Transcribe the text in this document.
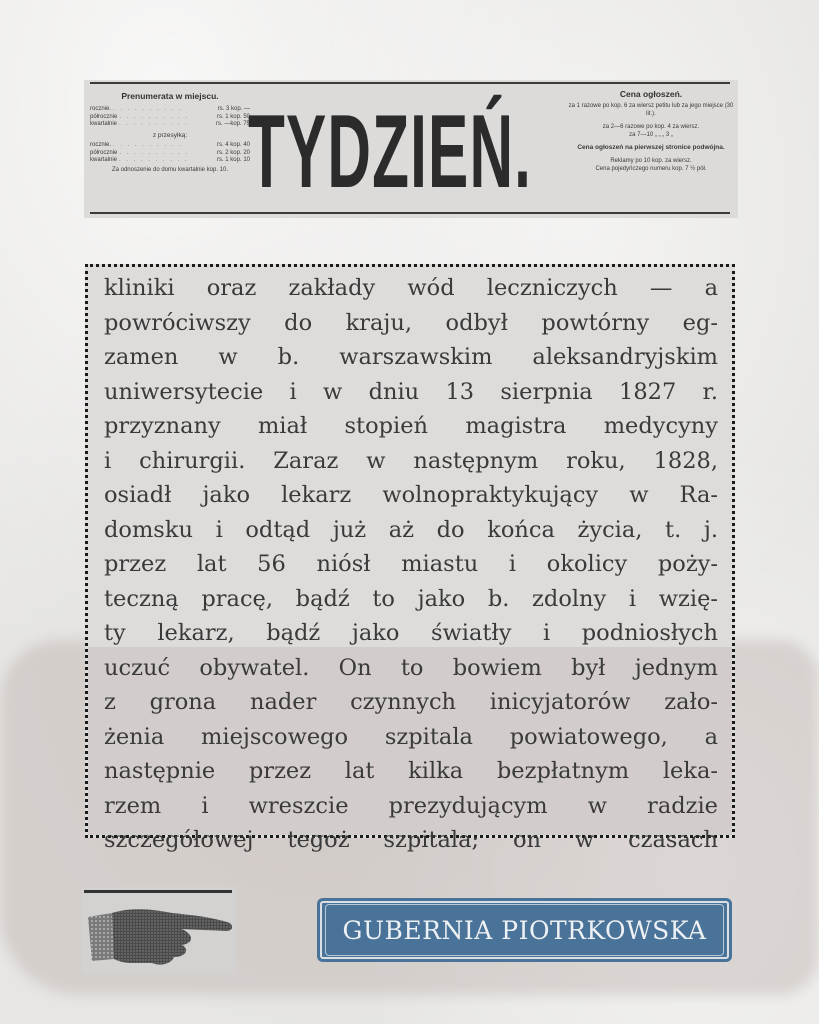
Prenumerata w miejscu.
rocznie. . . . . . . . . . .	rs. 3 kop. —
półrocznie . . . . . . . . . .	rs. 1 kop. 50
kwartalnie . . . . . . . . . .	rs. —kop. 75
z przesyłką:
rocznie. . . . . . . . . . .	rs. 4 kop. 40
półrocznie . . . . . . . . . .	rs. 2 kop. 20
kwartalnie . . . . . . . . . .	rs. 1 kop. 10
Za odnoszenie do domu kwartalnie kop. 10. TYDZIEŃ.	Cena ogłoszeń.
za 1 razowe po kop. 6 za wiersz petitu lub za jego miejsce (30 lit.).
za 2—6 razowe po kop. 4 za wiersz.
za 7—10 „ „ „ 3 „
Cena ogłoszeń na pierwszej stronice podwójna.
Reklamy po 10 kop. za wiersz.
Cena pojedyńczego numeru kop. 7 ½ pół.
kliniki oraz zakłady wód leczniczych — a
powróciwszy do kraju, odbył powtórny eg-
zamen w b. warszawskim aleksandryjskim
uniwersytecie i w dniu 13 sierpnia 1827 r.
przyznany miał stopień magistra medycyny
i chirurgii. Zaraz w następnym roku, 1828,
osiadł jako lekarz wolnopraktykujący w Ra-
domsku i odtąd już aż do końca życia, t. j.
przez lat 56 niósł miastu i okolicy poży-
teczną pracę, bądź to jako b. zdolny i wzię-
ty lekarz, bądź jako światły i podniosłych
uczuć obywatel. On to bowiem był jednym
z grona nader czynnych inicyjatorów zało-
żenia miejscowego szpitala powiatowego, a
następnie przez lat kilka bezpłatnym leka-
rzem i wreszcie prezydującym w radzie
szczegółowej tegoż szpitala; on w czasach
GUBERNIA PIOTRKOWSKA
